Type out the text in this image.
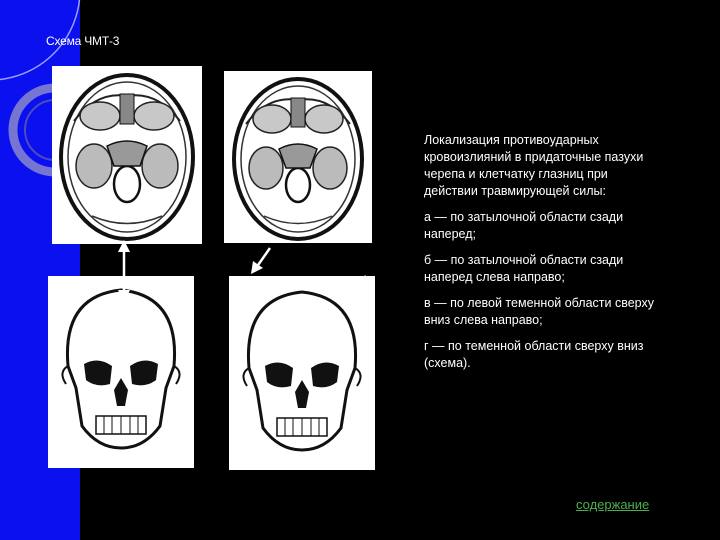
Схема ЧМТ-3

Локализация противоударных кровоизлияний в придаточные пазухи черепа и клетчатку глазниц при действии травмирующей силы:

а — по затылочной области сзади наперед;

б — по затылочной области сзади наперед слева направо;

в — по левой теменной области сверху вниз слева направо;

г — по теменной области сверху вниз (схема).

содержание
